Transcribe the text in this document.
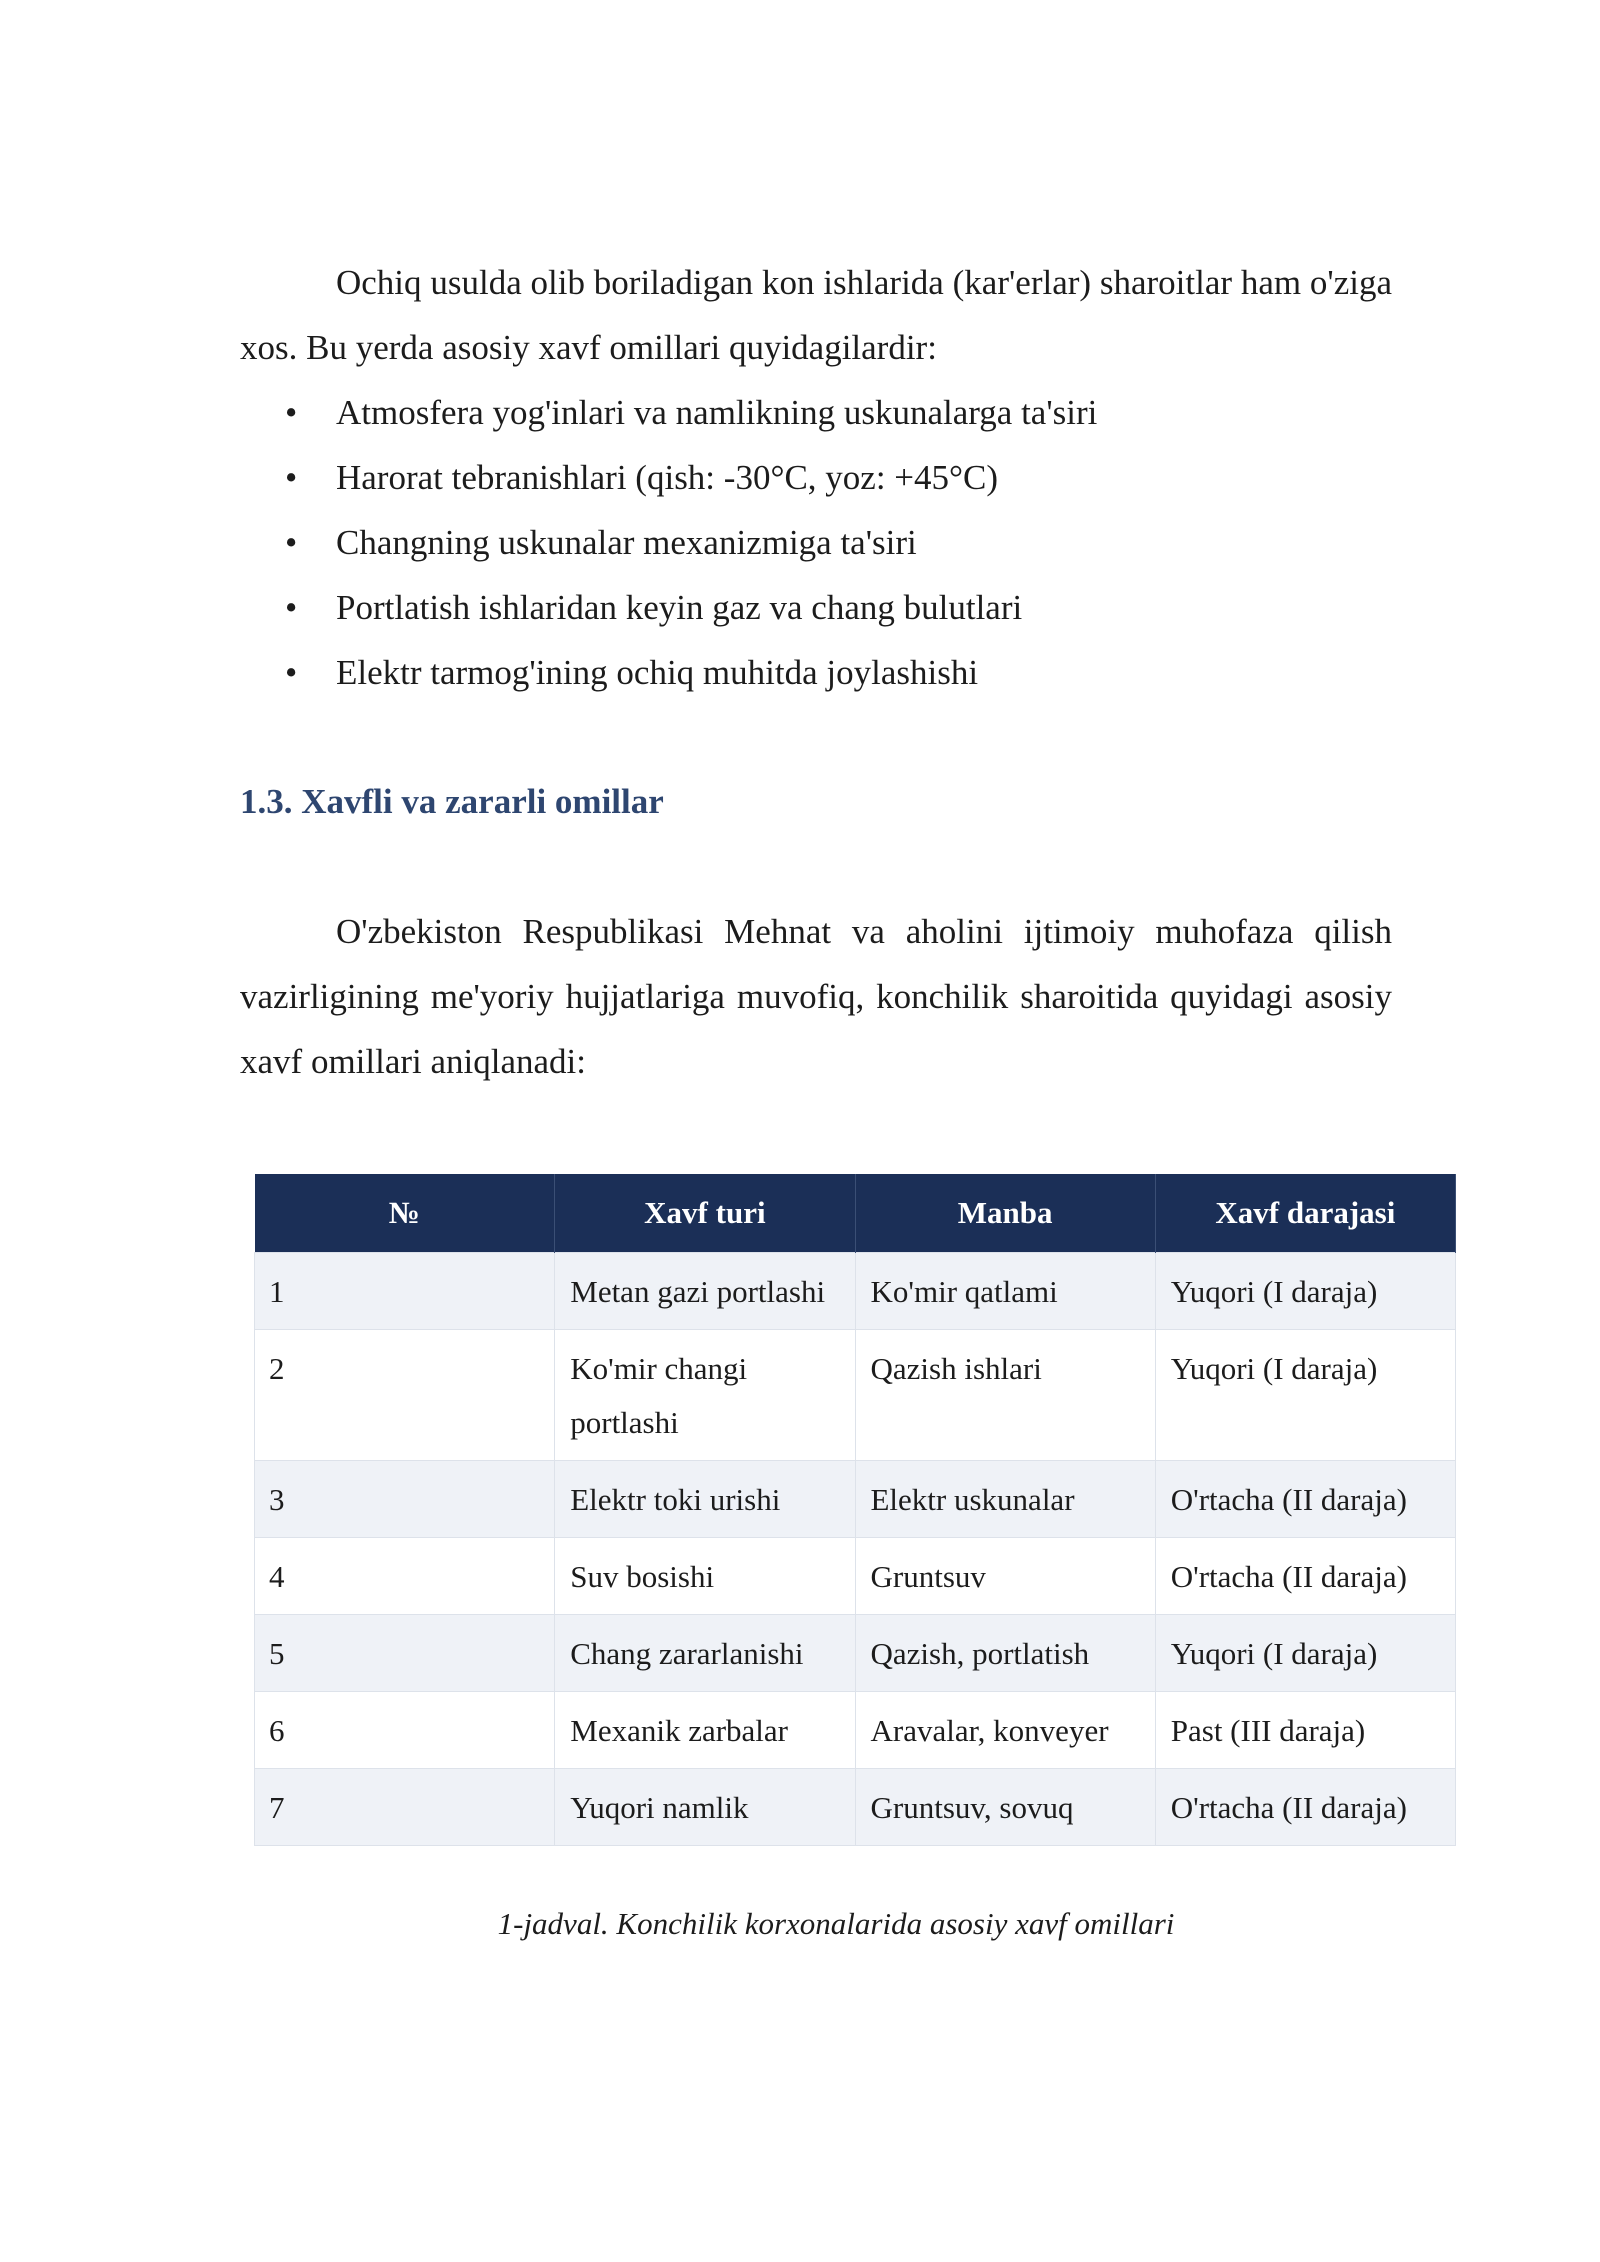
Ochiq usulda olib boriladigan kon ishlarida (kar'erlar) sharoitlar ham o'ziga xos. Bu yerda asosiy xavf omillari quyidagilardir:

• Atmosfera yog'inlari va namlikning uskunalarga ta'siri
• Harorat tebranishlari (qish: -30°C, yoz: +45°C)
• Changning uskunalar mexanizmiga ta'siri
• Portlatish ishlaridan keyin gaz va chang bulutlari
• Elektr tarmog'ining ochiq muhitda joylashishi
1.3. Xavfli va zararli omillar

O'zbekiston Respublikasi Mehnat va aholini ijtimoiy muhofaza qilish vazirligining me'yoriy hujjatlariga muvofiq, konchilik sharoitida quyidagi asosiy xavf omillari aniqlanadi:

№	Xavf turi	Manba	Xavf darajasi
1	Metan gazi portlashi	Ko'mir qatlami	Yuqori (I daraja)
2	Ko'mir changi portlashi	Qazish ishlari	Yuqori (I daraja)
3	Elektr toki urishi	Elektr uskunalar	O'rtacha (II daraja)
4	Suv bosishi	Gruntsuv	O'rtacha (II daraja)
5	Chang zararlanishi	Qazish, portlatish	Yuqori (I daraja)
6	Mexanik zarbalar	Aravalar, konveyer	Past (III daraja)
7	Yuqori namlik	Gruntsuv, sovuq	O'rtacha (II daraja)
1-jadval. Konchilik korxonalarida asosiy xavf omillari
